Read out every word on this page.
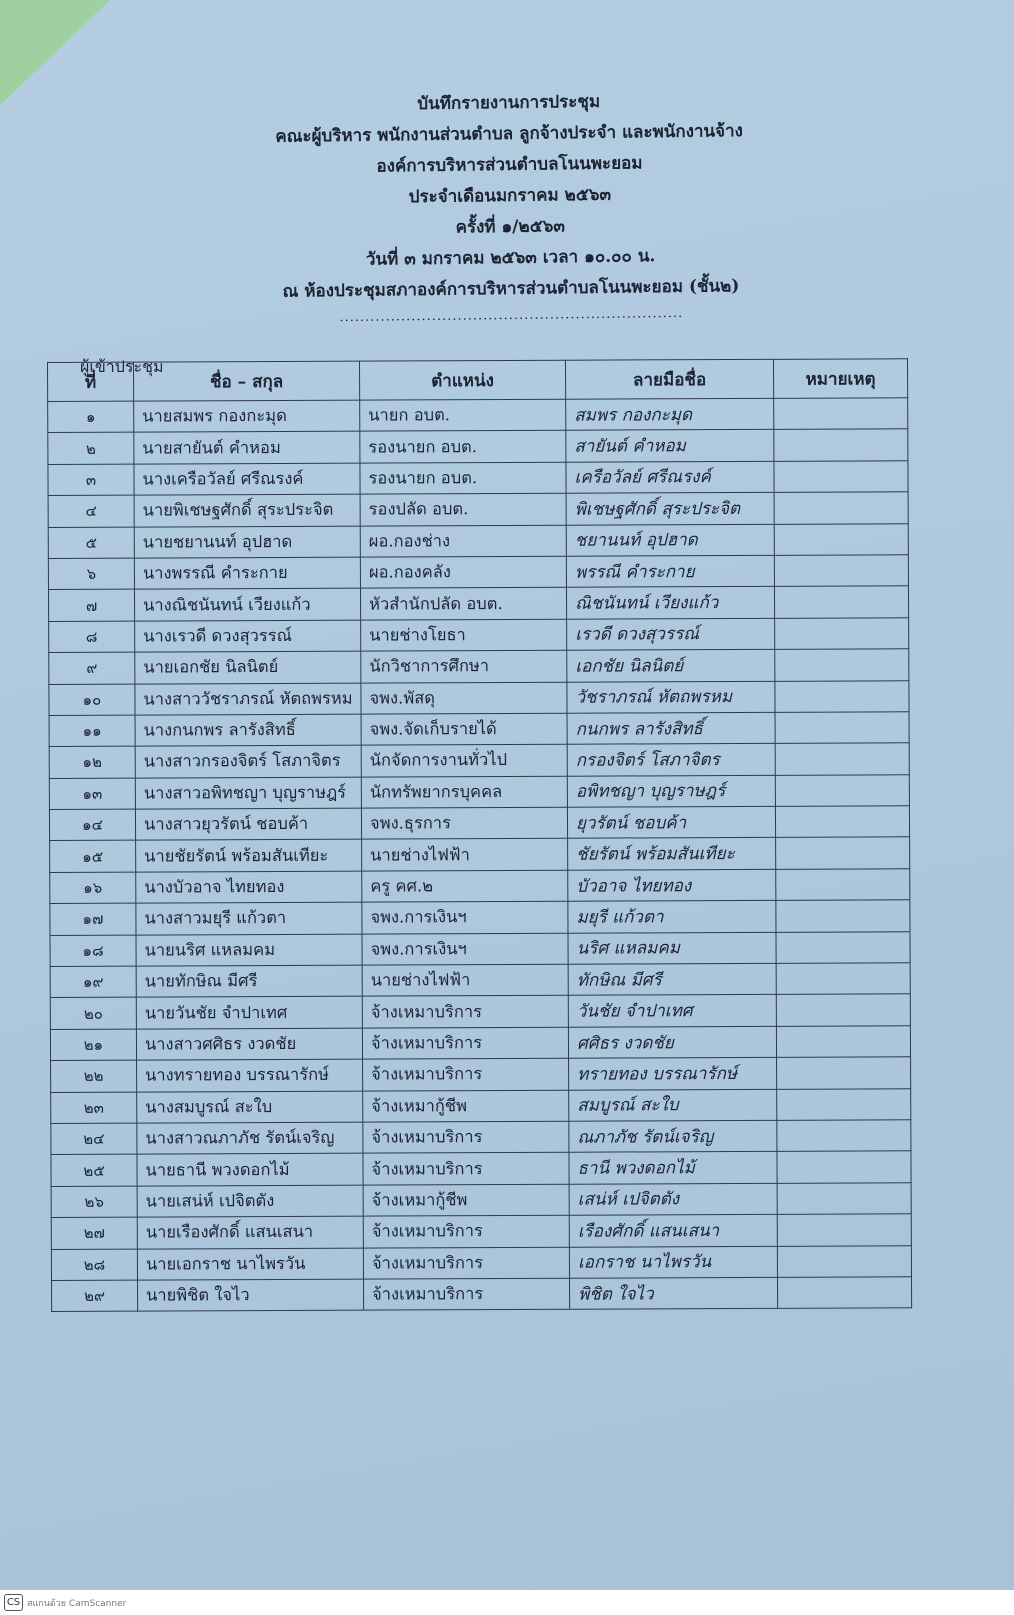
บันทึกรายงานการประชุม
คณะผู้บริหาร พนักงานส่วนตำบล ลูกจ้างประจำ และพนักงานจ้าง
องค์การบริหารส่วนตำบลโนนพะยอม
ประจำเดือนมกราคม ๒๕๖๓
ครั้งที่ ๑/๒๕๖๓
วันที่ ๓ มกราคม ๒๕๖๓ เวลา ๑๐.๐๐ น.
ณ ห้องประชุมสภาองค์การบริหารส่วนตำบลโนนพะยอม (ชั้น๒)
...................................................................
ผู้เข้าประชุม
ที่	ชื่อ – สกุล	ตำแหน่ง	ลายมือชื่อ	หมายเหตุ
๑	นายสมพร กองกะมุด	นายก อบต.	สมพร กองกะมุด	
๒	นายสายันต์ คำหอม	รองนายก อบต.	สายันต์ คำหอม	
๓	นางเครือวัลย์ ศรีณรงค์	รองนายก อบต.	เครือวัลย์ ศรีณรงค์	
๔	นายพิเชษฐศักดิ์ สุระประจิต	รองปลัด อบต.	พิเชษฐศักดิ์ สุระประจิต	
๕	นายชยานนท์ อุปฮาด	ผอ.กองช่าง	ชยานนท์ อุปฮาด	
๖	นางพรรณี คำระกาย	ผอ.กองคลัง	พรรณี คำระกาย	
๗	นางณิชนันทน์ เวียงแก้ว	หัวสำนักปลัด อบต.	ณิชนันทน์ เวียงแก้ว	
๘	นางเรวดี ดวงสุวรรณ์	นายช่างโยธา	เรวดี ดวงสุวรรณ์	
๙	นายเอกชัย นิลนิตย์	นักวิชาการศึกษา	เอกชัย นิลนิตย์	
๑๐	นางสาววัชราภรณ์ หัตถพรหม	จพง.พัสดุ	วัชราภรณ์ หัตถพรหม	
๑๑	นางกนกพร ลารังสิทธิ์	จพง.จัดเก็บรายได้	กนกพร ลารังสิทธิ์	
๑๒	นางสาวกรองจิตร์ โสภาจิตร	นักจัดการงานทั่วไป	กรองจิตร์ โสภาจิตร	
๑๓	นางสาวอพิทชญา บุญราษฎร์	นักทรัพยากรบุคคล	อพิทชญา บุญราษฎร์	
๑๔	นางสาวยุวรัตน์ ชอบค้า	จพง.ธุรการ	ยุวรัตน์ ชอบค้า	
๑๕	นายชัยรัตน์ พร้อมสันเทียะ	นายช่างไฟฟ้า	ชัยรัตน์ พร้อมสันเทียะ	
๑๖	นางบัวอาจ ไทยทอง	ครู คศ.๒	บัวอาจ ไทยทอง	
๑๗	นางสาวมยุรี แก้วตา	จพง.การเงินฯ	มยุรี แก้วตา	
๑๘	นายนริศ แหลมคม	จพง.การเงินฯ	นริศ แหลมคม	
๑๙	นายทักษิณ มีศรี	นายช่างไฟฟ้า	ทักษิณ มีศรี	
๒๐	นายวันชัย จำปาเทศ	จ้างเหมาบริการ	วันชัย จำปาเทศ	
๒๑	นางสาวศศิธร งวดชัย	จ้างเหมาบริการ	ศศิธร งวดชัย	
๒๒	นางทรายทอง บรรณารักษ์	จ้างเหมาบริการ	ทรายทอง บรรณารักษ์	
๒๓	นางสมบูรณ์ สะใบ	จ้างเหมากู้ชีพ	สมบูรณ์ สะใบ	
๒๔	นางสาวณภาภัช รัตน์เจริญ	จ้างเหมาบริการ	ณภาภัช รัตน์เจริญ	
๒๕	นายธานี พวงดอกไม้	จ้างเหมาบริการ	ธานี พวงดอกไม้	
๒๖	นายเสน่ห์ เปจิตตัง	จ้างเหมากู้ชีพ	เสน่ห์ เปจิตตัง	
๒๗	นายเรืองศักดิ์ แสนเสนา	จ้างเหมาบริการ	เรืองศักดิ์ แสนเสนา	
๒๘	นายเอกราช นาไพรวัน	จ้างเหมาบริการ	เอกราช นาไพรวัน	
๒๙	นายพิชิต ใจไว	จ้างเหมาบริการ	พิชิต ใจไว	
CS สแกนด้วย CamScanner
